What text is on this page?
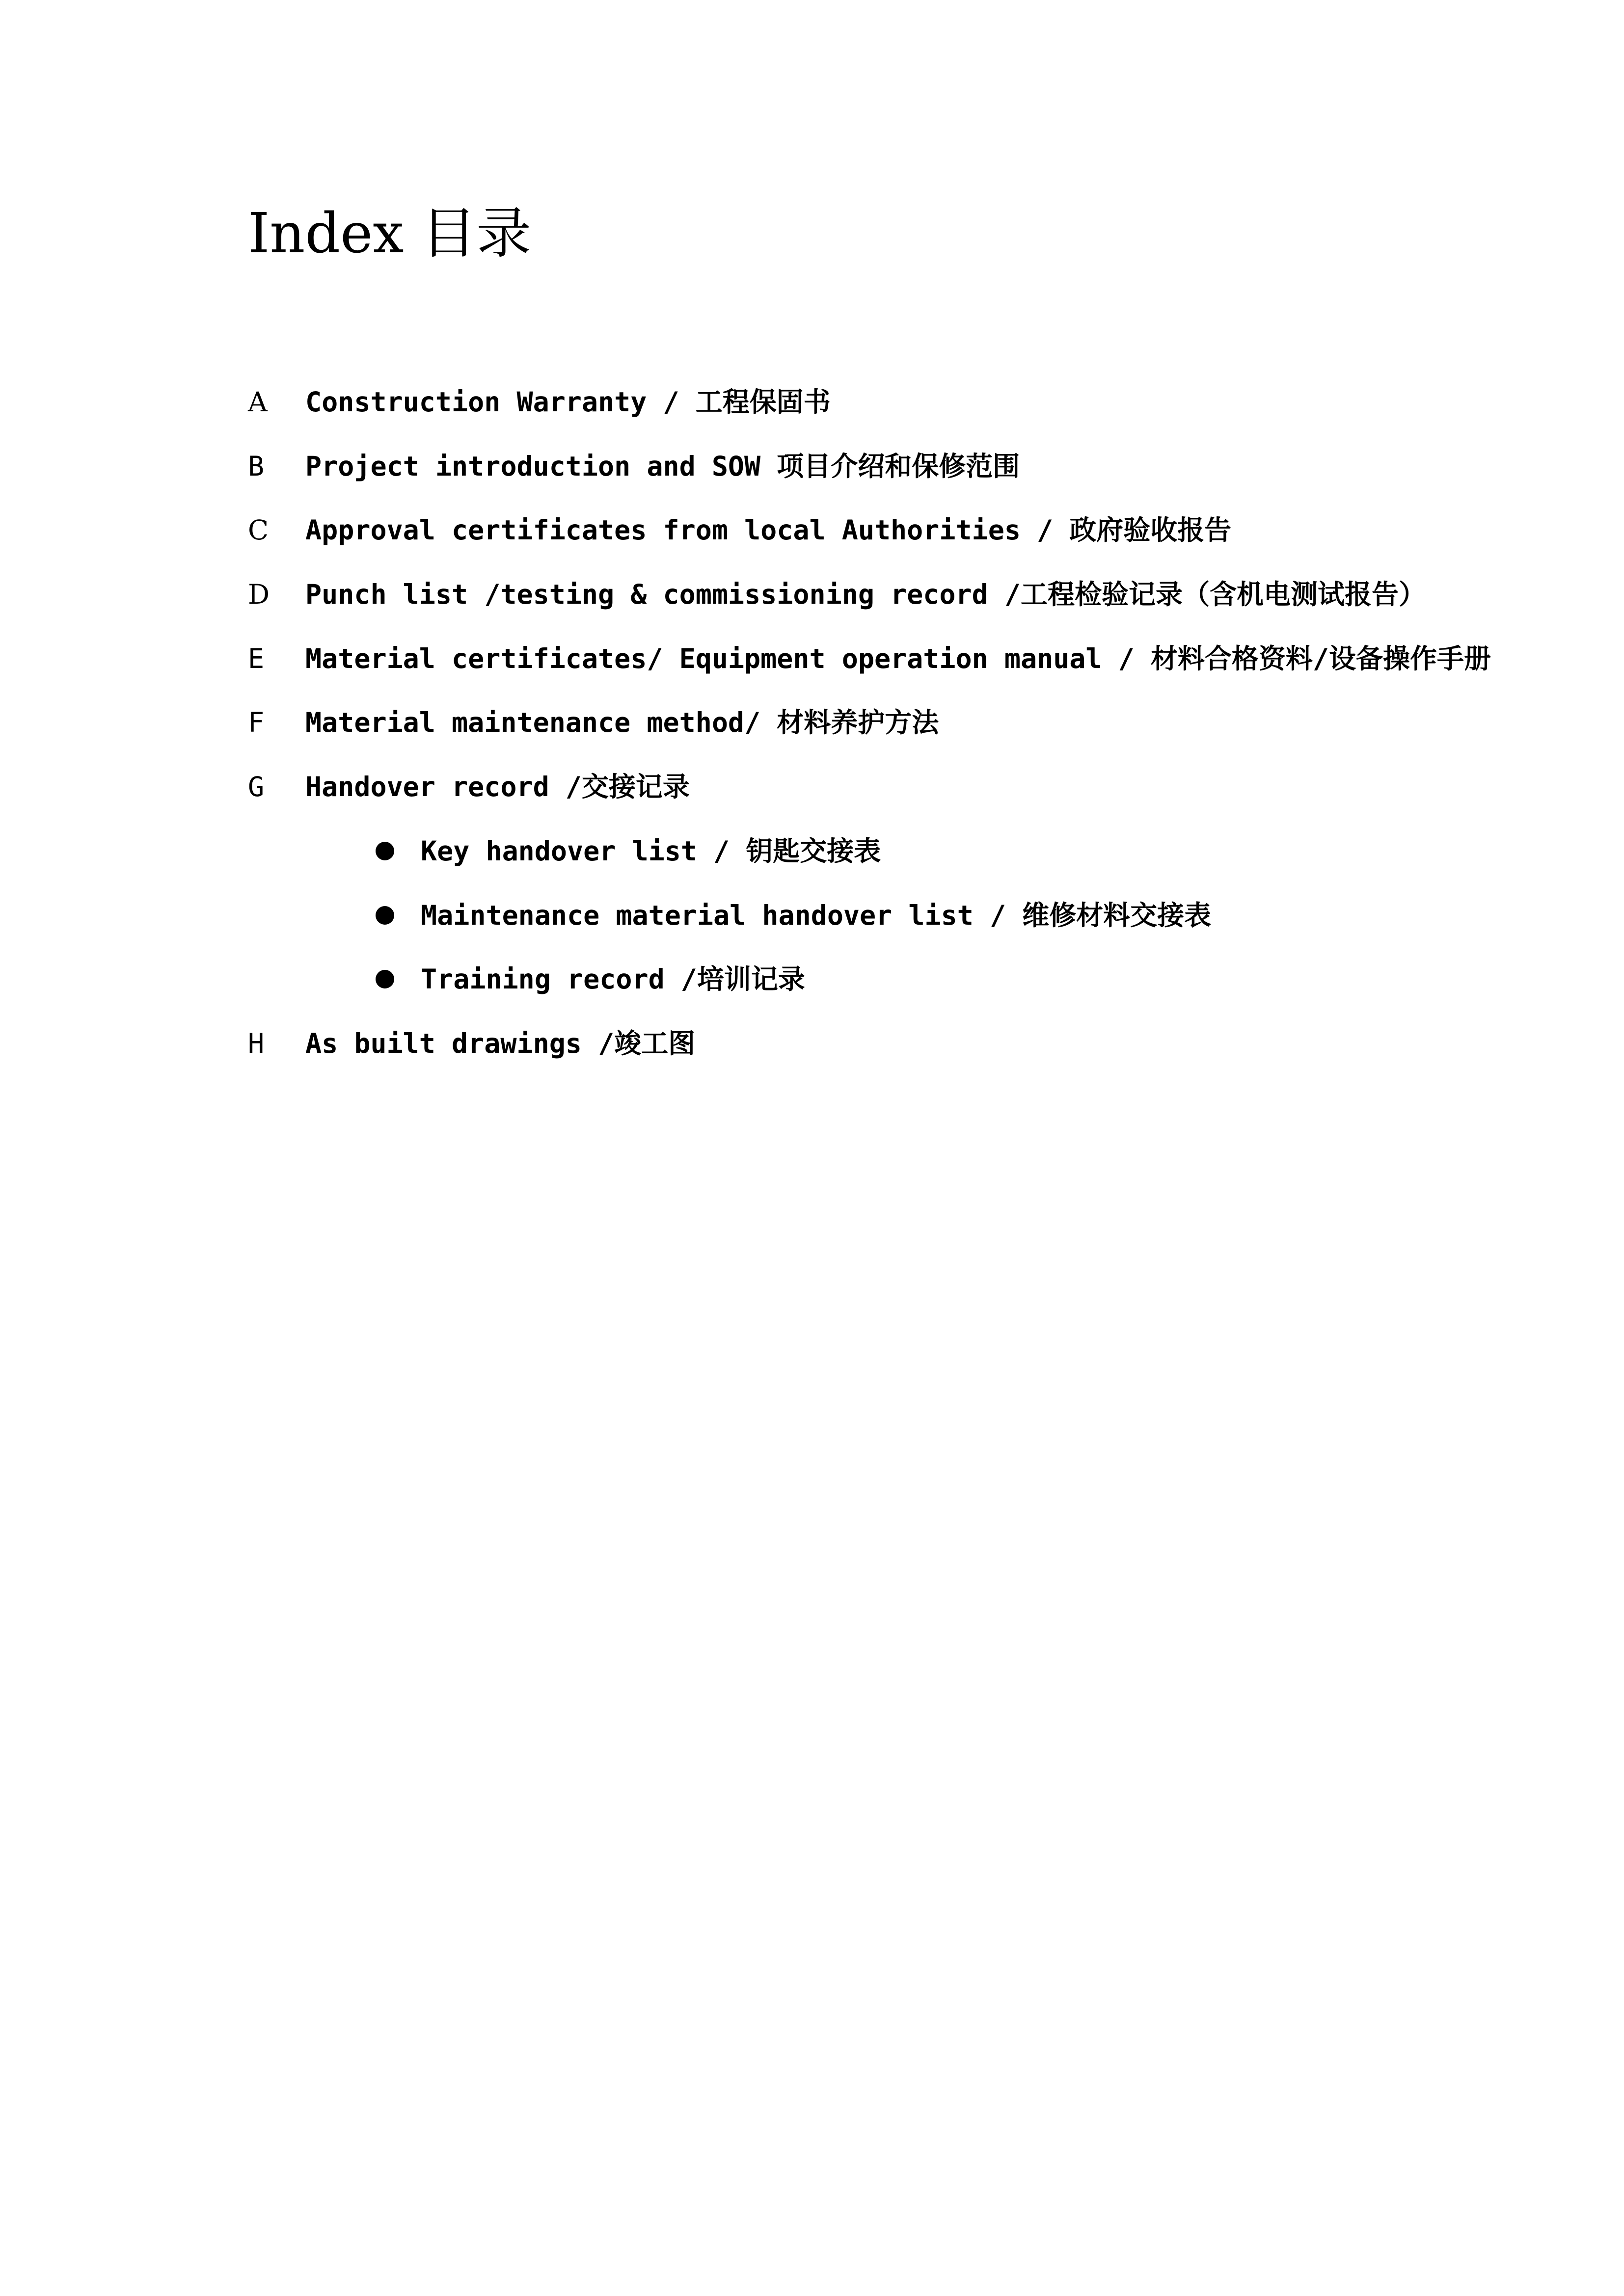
Index 目录
A Construction Warranty / 工程保固书
B Project introduction and SOW 项目介绍和保修范围
C Approval certificates from local Authorities / 政府验收报告
D Punch list /testing & commissioning record /工程检验记录（含机电测试报告）
E Material certificates/ Equipment operation manual / 材料合格资料/设备操作手册
F Material maintenance method/ 材料养护方法
G Handover record /交接记录
Key handover list / 钥匙交接表
Maintenance material handover list / 维修材料交接表
Training record /培训记录
H As built drawings /竣工图
